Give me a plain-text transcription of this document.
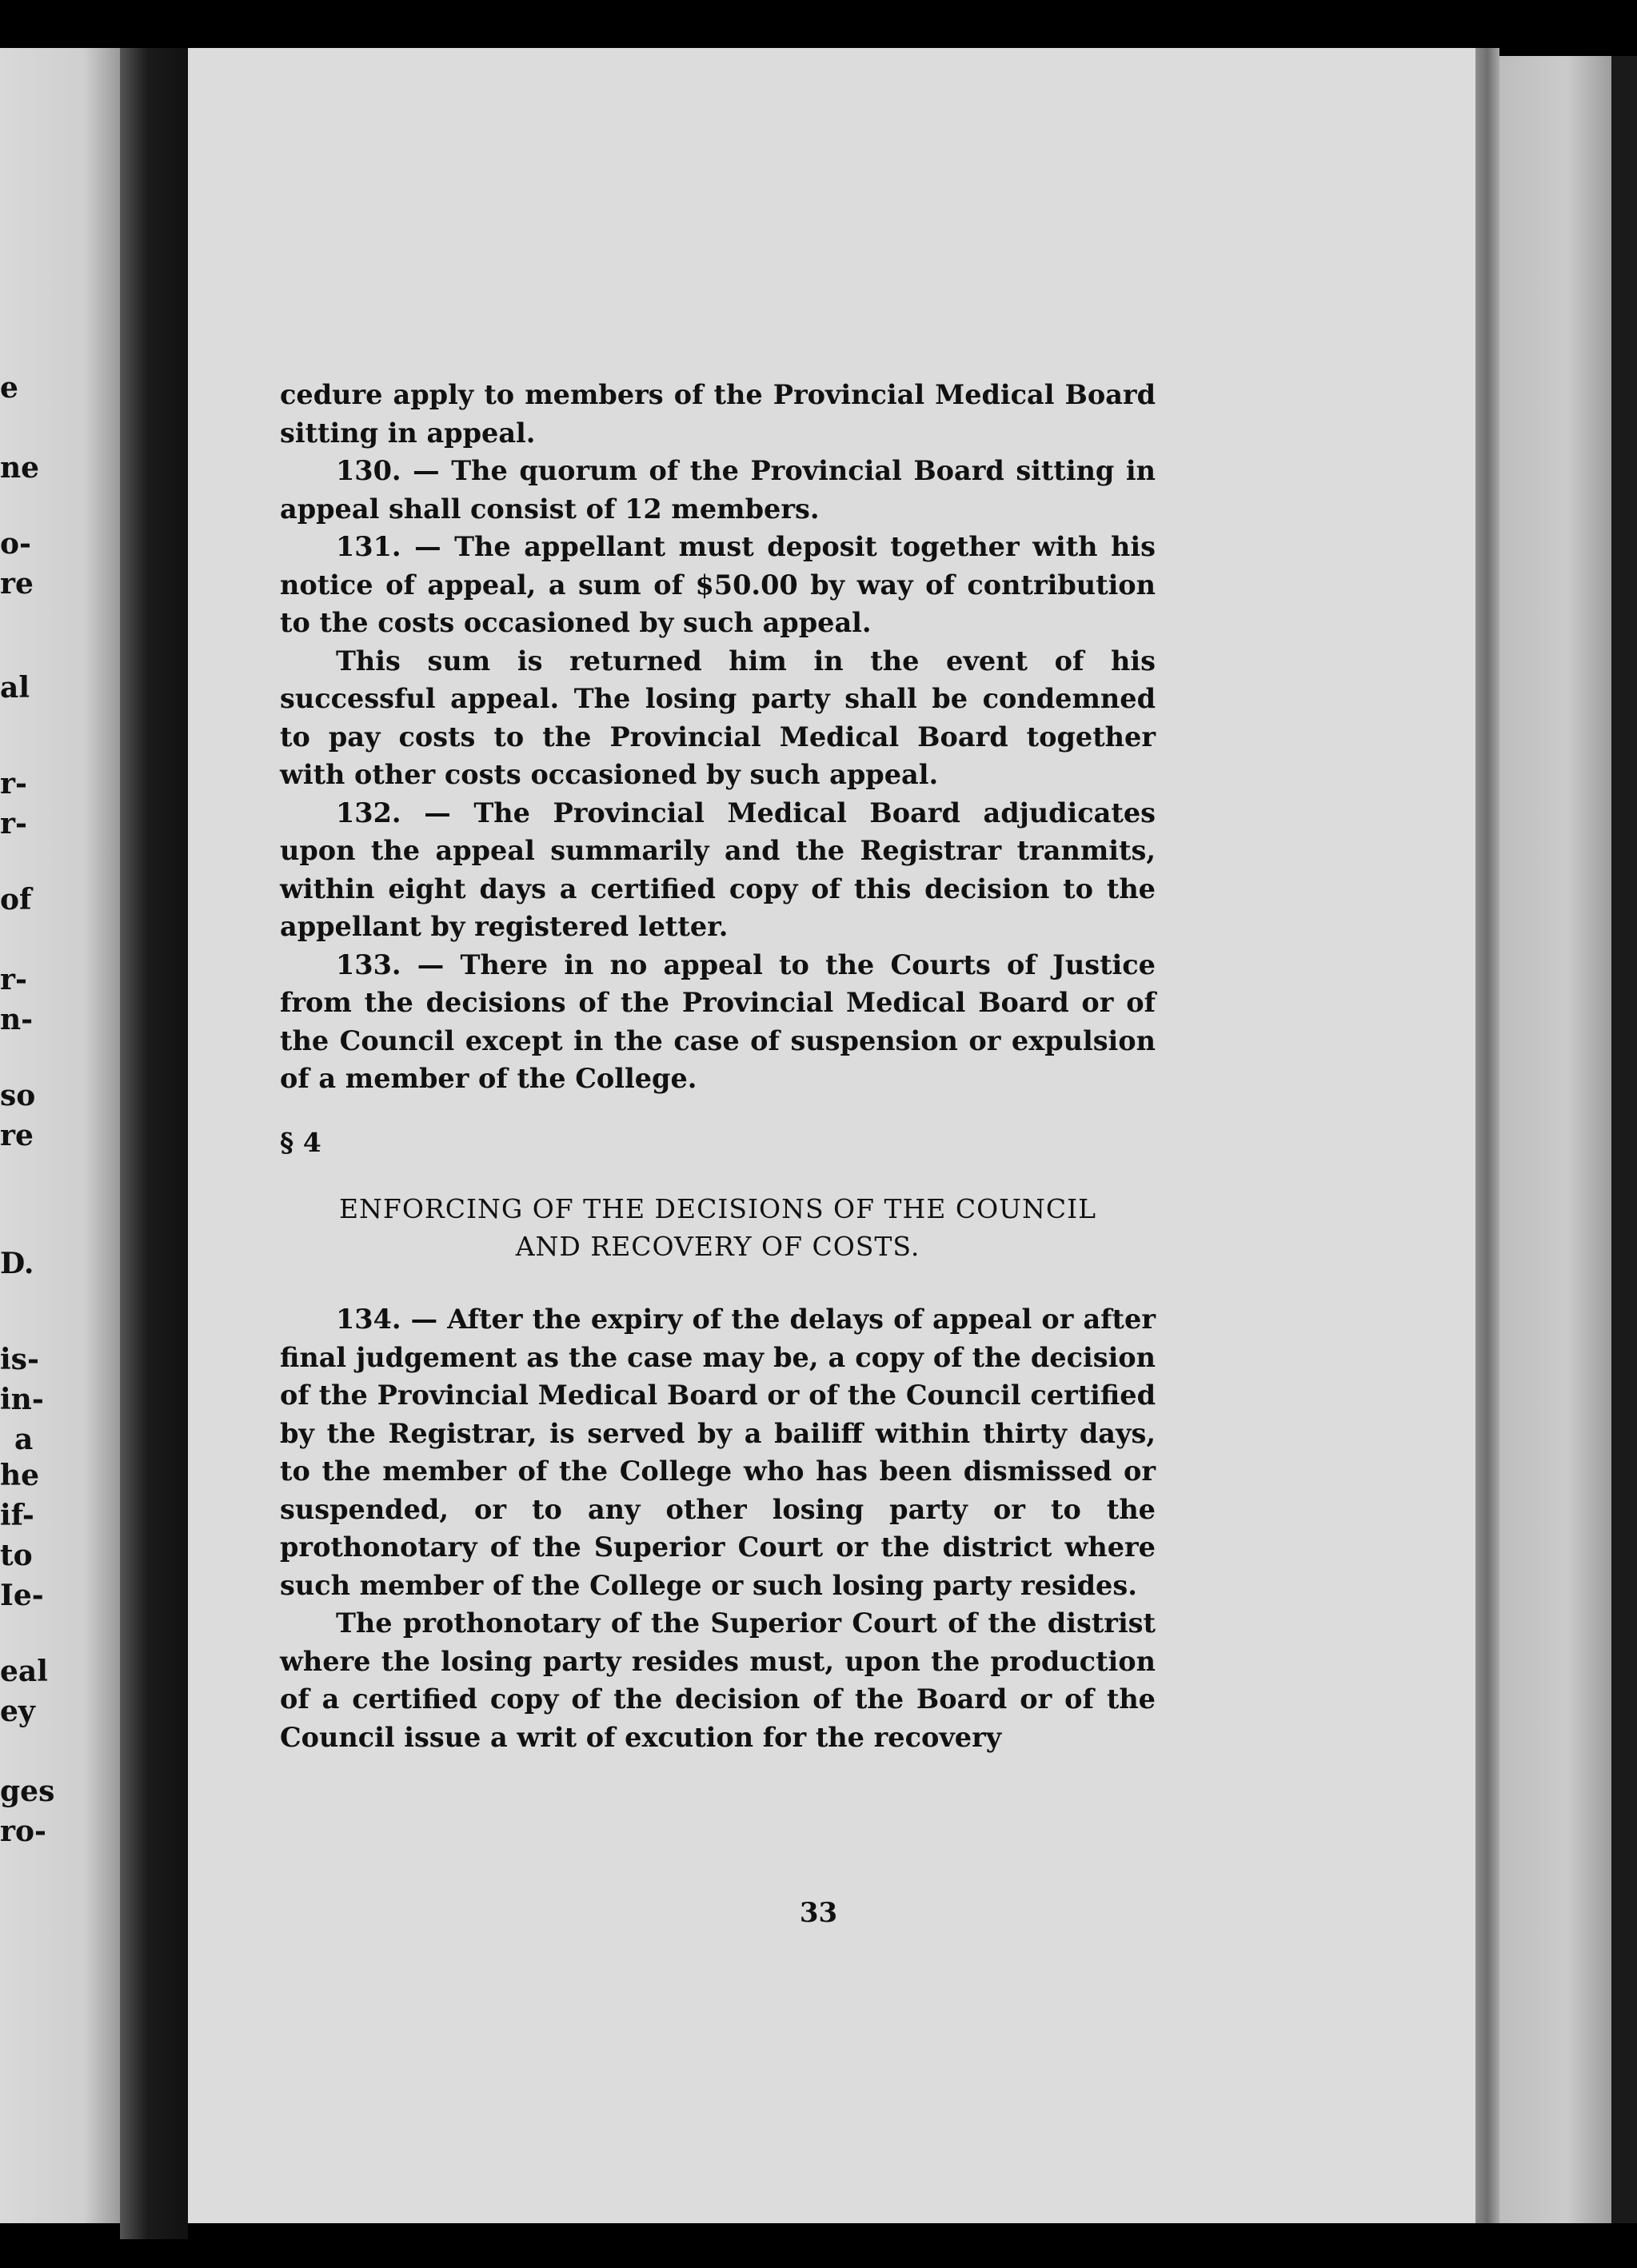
e
ne
o-
re
al
r-
r-
of
r-
n-
so
re
D.
is-
in-
a
he
if-
to
Ie-
eal
ey
ges
ro-

cedure apply to members of the Provincial Medical Board sitting in appeal.

130. — The quorum of the Provincial Board sitting in appeal shall consist of 12 members.

131. — The appellant must deposit together with his notice of appeal, a sum of $50.00 by way of contribution to the costs occasioned by such appeal.

This sum is returned him in the event of his successful appeal. The losing party shall be condemned to pay costs to the Provincial Medical Board together with other costs occasioned by such appeal.

132. — The Provincial Medical Board adjudicates upon the appeal summarily and the Registrar tranmits, within eight days a certified copy of this decision to the appellant by registered letter.

133. — There in no appeal to the Courts of Justice from the decisions of the Provincial Medical Board or of the Council except in the case of suspension or expulsion of a member of the College.

§ 4

ENFORCING OF THE DECISIONS OF THE COUNCIL
AND RECOVERY OF COSTS.

134. — After the expiry of the delays of appeal or after final judgement as the case may be, a copy of the decision of the Provincial Medical Board or of the Council certified by the Registrar, is served by a bailiff within thirty days, to the member of the College who has been dismissed or suspended, or to any other losing party or to the prothonotary of the Superior Court or the district where such member of the College or such losing party resides.

The prothonotary of the Superior Court of the distrist where the losing party resides must, upon the production of a certified copy of the decision of the Board or of the Council issue a writ of excution for the recovery

33
